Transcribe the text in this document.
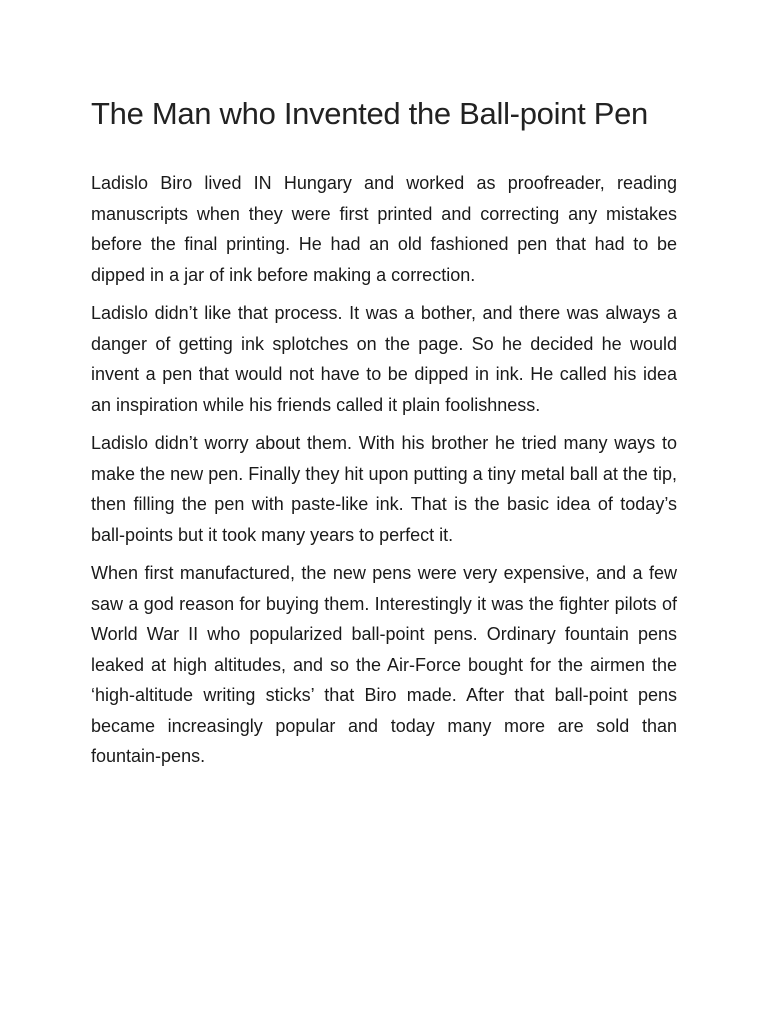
The Man who Invented the Ball-point Pen

Ladislo Biro lived IN Hungary and worked as proofreader, reading manuscripts when they were first printed and correcting any mistakes before the final printing. He had an old fashioned pen that had to be dipped in a jar of ink before making a correction.

Ladislo didn’t like that process. It was a bother, and there was always a danger of getting ink splotches on the page. So he decided he would invent a pen that would not have to be dipped in ink. He called his idea an inspiration while his friends called it plain foolishness.

Ladislo didn’t worry about them. With his brother he tried many ways to make the new pen. Finally they hit upon putting a tiny metal ball at the tip, then filling the pen with paste-like ink. That is the basic idea of today’s ball-points but it took many years to perfect it.

When first manufactured, the new pens were very expensive, and a few saw a god reason for buying them. Interestingly it was the fighter pilots of World War II who popularized ball-point pens. Ordinary fountain pens leaked at high altitudes, and so the Air-Force bought for the airmen the ‘high-altitude writing sticks’ that Biro made. After that ball-point pens became increasingly popular and today many more are sold than fountain-pens.
